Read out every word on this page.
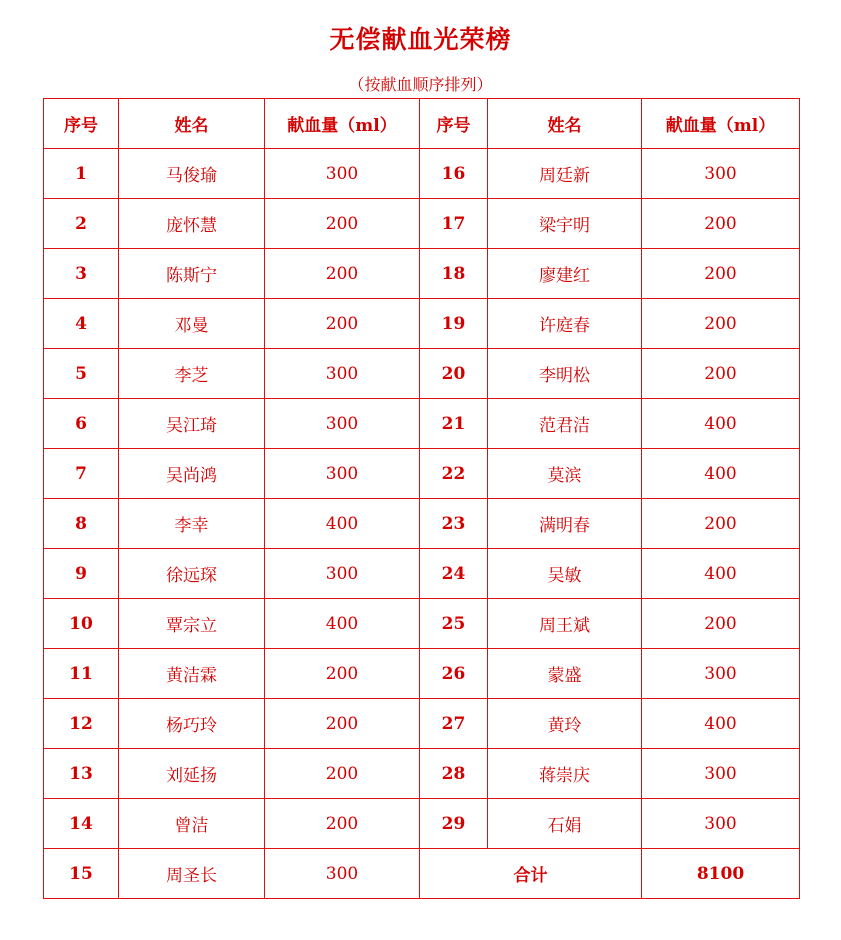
无偿献血光荣榜
（按献血顺序排列）
序号	姓名	献血量（ml）	序号	姓名	献血量（ml）
1	马俊瑜	300	16	周廷新	300
2	庞怀慧	200	17	梁宇明	200
3	陈斯宁	200	18	廖建红	200
4	邓曼	200	19	许庭春	200
5	李芝	300	20	李明松	200
6	吴江琦	300	21	范君洁	400
7	吴尚鸿	300	22	莫滨	400
8	李幸	400	23	满明春	200
9	徐远琛	300	24	吴敏	400
10	覃宗立	400	25	周王斌	200
11	黄洁霖	200	26	蒙盛	300
12	杨巧玲	200	27	黄玲	400
13	刘延扬	200	28	蒋崇庆	300
14	曾洁	200	29	石娟	300
15	周圣长	300	合计		8100
